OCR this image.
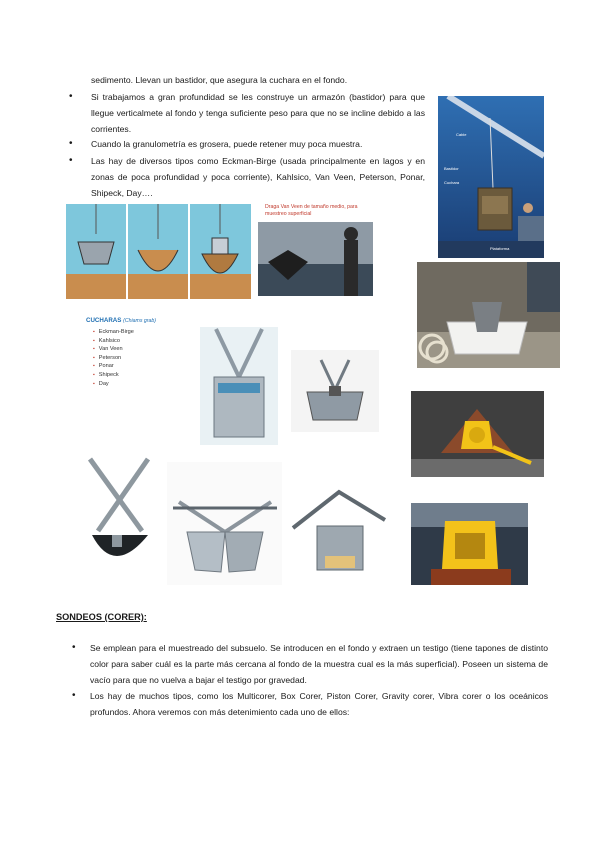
sedimento. Llevan un bastidor, que asegura la cuchara en el fondo.
• Si trabajamos a gran profundidad se les construye un armazón (bastidor) para que llegue verticalmete al fondo y tenga suficiente peso para que no se incline debido a las corrientes.
• Cuando la granulometría es grosera, puede retener muy poca muestra.
• Las hay de diversos tipos como Eckman-Birge (usada principalmente en lagos y en zonas de poca profundidad y poca corriente), Kahlsico, Van Veen, Peterson, Ponar, Shipeck, Day….
Cable
Bastidor
Cuchara
Plataforma
Draga Van Veen de tamaño medio, para muestreo superficial
CUCHARAS (Chiams grab)
▪ Eckman-Birge
▪ Kahlsico
▪ Van Veen
▪ Peterson
▪ Ponar
▪ Shipeck
▪ Day
SONDEOS (CORER):
• Se emplean para el muestreado del subsuelo. Se introducen en el fondo y extraen un testigo (tiene tapones de distinto color para saber cuál es la parte más cercana al fondo de la muestra cual es la más superficial). Poseen un sistema de vacío para que no vuelva a bajar el testigo por gravedad.
• Los hay de muchos tipos, como los Multicorer, Box Corer, Piston Corer, Gravity corer, Vibra corer o los oceánicos profundos. Ahora veremos con más detenimiento cada uno de ellos:
